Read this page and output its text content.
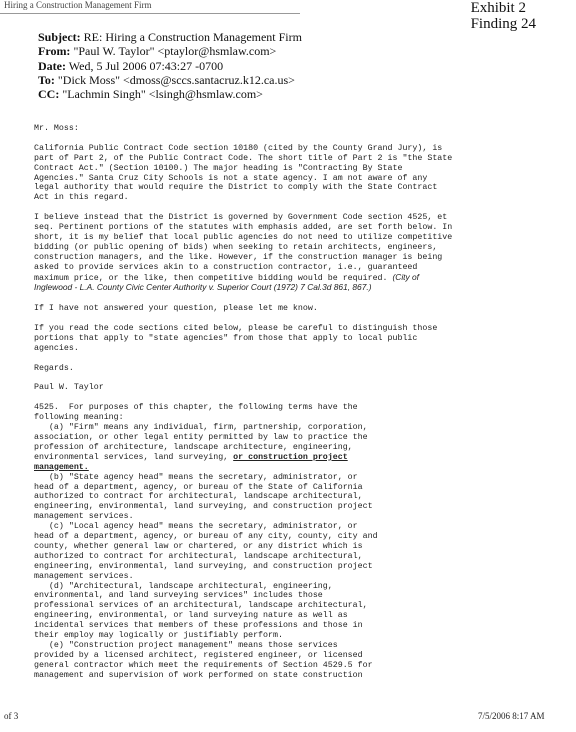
Hiring a Construction Management Firm	Exhibit 2
Finding 24
Subject: RE: Hiring a Construction Management Firm
From: "Paul W. Taylor" <ptaylor@hsmlaw.com>
Date: Wed, 5 Jul 2006 07:43:27 -0700
To: "Dick Moss" <dmoss@sccs.santacruz.k12.ca.us>
CC: "Lachmin Singh" <lsingh@hsmlaw.com>

Mr. Moss:

California Public Contract Code section 10180 (cited by the County Grand Jury), is
part of Part 2, of the Public Contract Code. The short title of Part 2 is "the State
Contract Act." (Section 10100.) The major heading is "Contracting By State
Agencies." Santa Cruz City Schools is not a state agency. I am not aware of any
legal authority that would require the District to comply with the State Contract
Act in this regard.

I believe instead that the District is governed by Government Code section 4525, et
seq. Pertinent portions of the statutes with emphasis added, are set forth below. In
short, it is my belief that local public agencies do not need to utilize competitive
bidding (or public opening of bids) when seeking to retain architects, engineers,
construction managers, and the like. However, if the construction manager is being
asked to provide services akin to a construction contractor, i.e., guaranteed
maximum price, or the like, then competitive bidding would be required. (City of
Inglewood - L.A. County Civic Center Authority v. Superior Court (1972) 7 Cal.3d 861, 867.)

If I have not answered your question, please let me know.

If you read the code sections cited below, please be careful to distinguish those
portions that apply to "state agencies" from those that apply to local public
agencies.

Regards.

Paul W. Taylor

4525.  For purposes of this chapter, the following terms have the
following meaning:
(a) "Firm" means any individual, firm, partnership, corporation,
association, or other legal entity permitted by law to practice the
profession of architecture, landscape architecture, engineering,
environmental services, land surveying, or construction project
management.
(b) "State agency head" means the secretary, administrator, or
head of a department, agency, or bureau of the State of California
authorized to contract for architectural, landscape architectural,
engineering, environmental, land surveying, and construction project
management services.
(c) "Local agency head" means the secretary, administrator, or
head of a department, agency, or bureau of any city, county, city and
county, whether general law or chartered, or any district which is
authorized to contract for architectural, landscape architectural,
engineering, environmental, land surveying, and construction project
management services.
(d) "Architectural, landscape architectural, engineering,
environmental, and land surveying services" includes those
professional services of an architectural, landscape architectural,
engineering, environmental, or land surveying nature as well as
incidental services that members of these professions and those in
their employ may logically or justifiably perform.
(e) "Construction project management" means those services
provided by a licensed architect, registered engineer, or licensed
general contractor which meet the requirements of Section 4529.5 for
management and supervision of work performed on state construction
of 3	7/5/2006 8:17 AM
